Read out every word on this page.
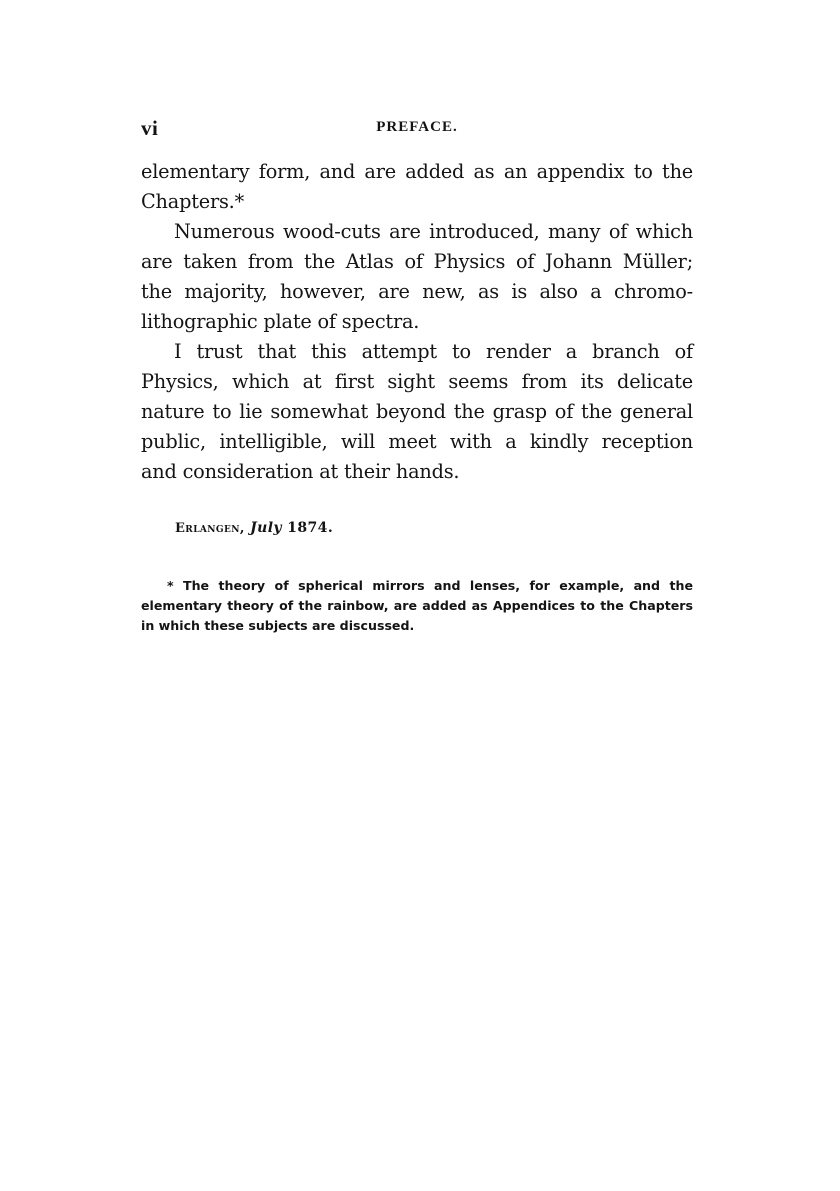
vi	PREFACE.
elementary form, and are added as an appendix to the
Chapters.*
Numerous wood-cuts are introduced, many of which
are taken from the Atlas of Physics of Johann Müller;
the majority, however, are new, as is also a chromo-
lithographic plate of spectra.
I trust that this attempt to render a branch of
Physics, which at first sight seems from its delicate
nature to lie somewhat beyond the grasp of the general
public, intelligible, will meet with a kindly reception
and consideration at their hands.
Erlangen, July 1874.
* The theory of spherical mirrors and lenses, for example, and the
elementary theory of the rainbow, are added as Appendices to the Chapters
in which these subjects are discussed.
